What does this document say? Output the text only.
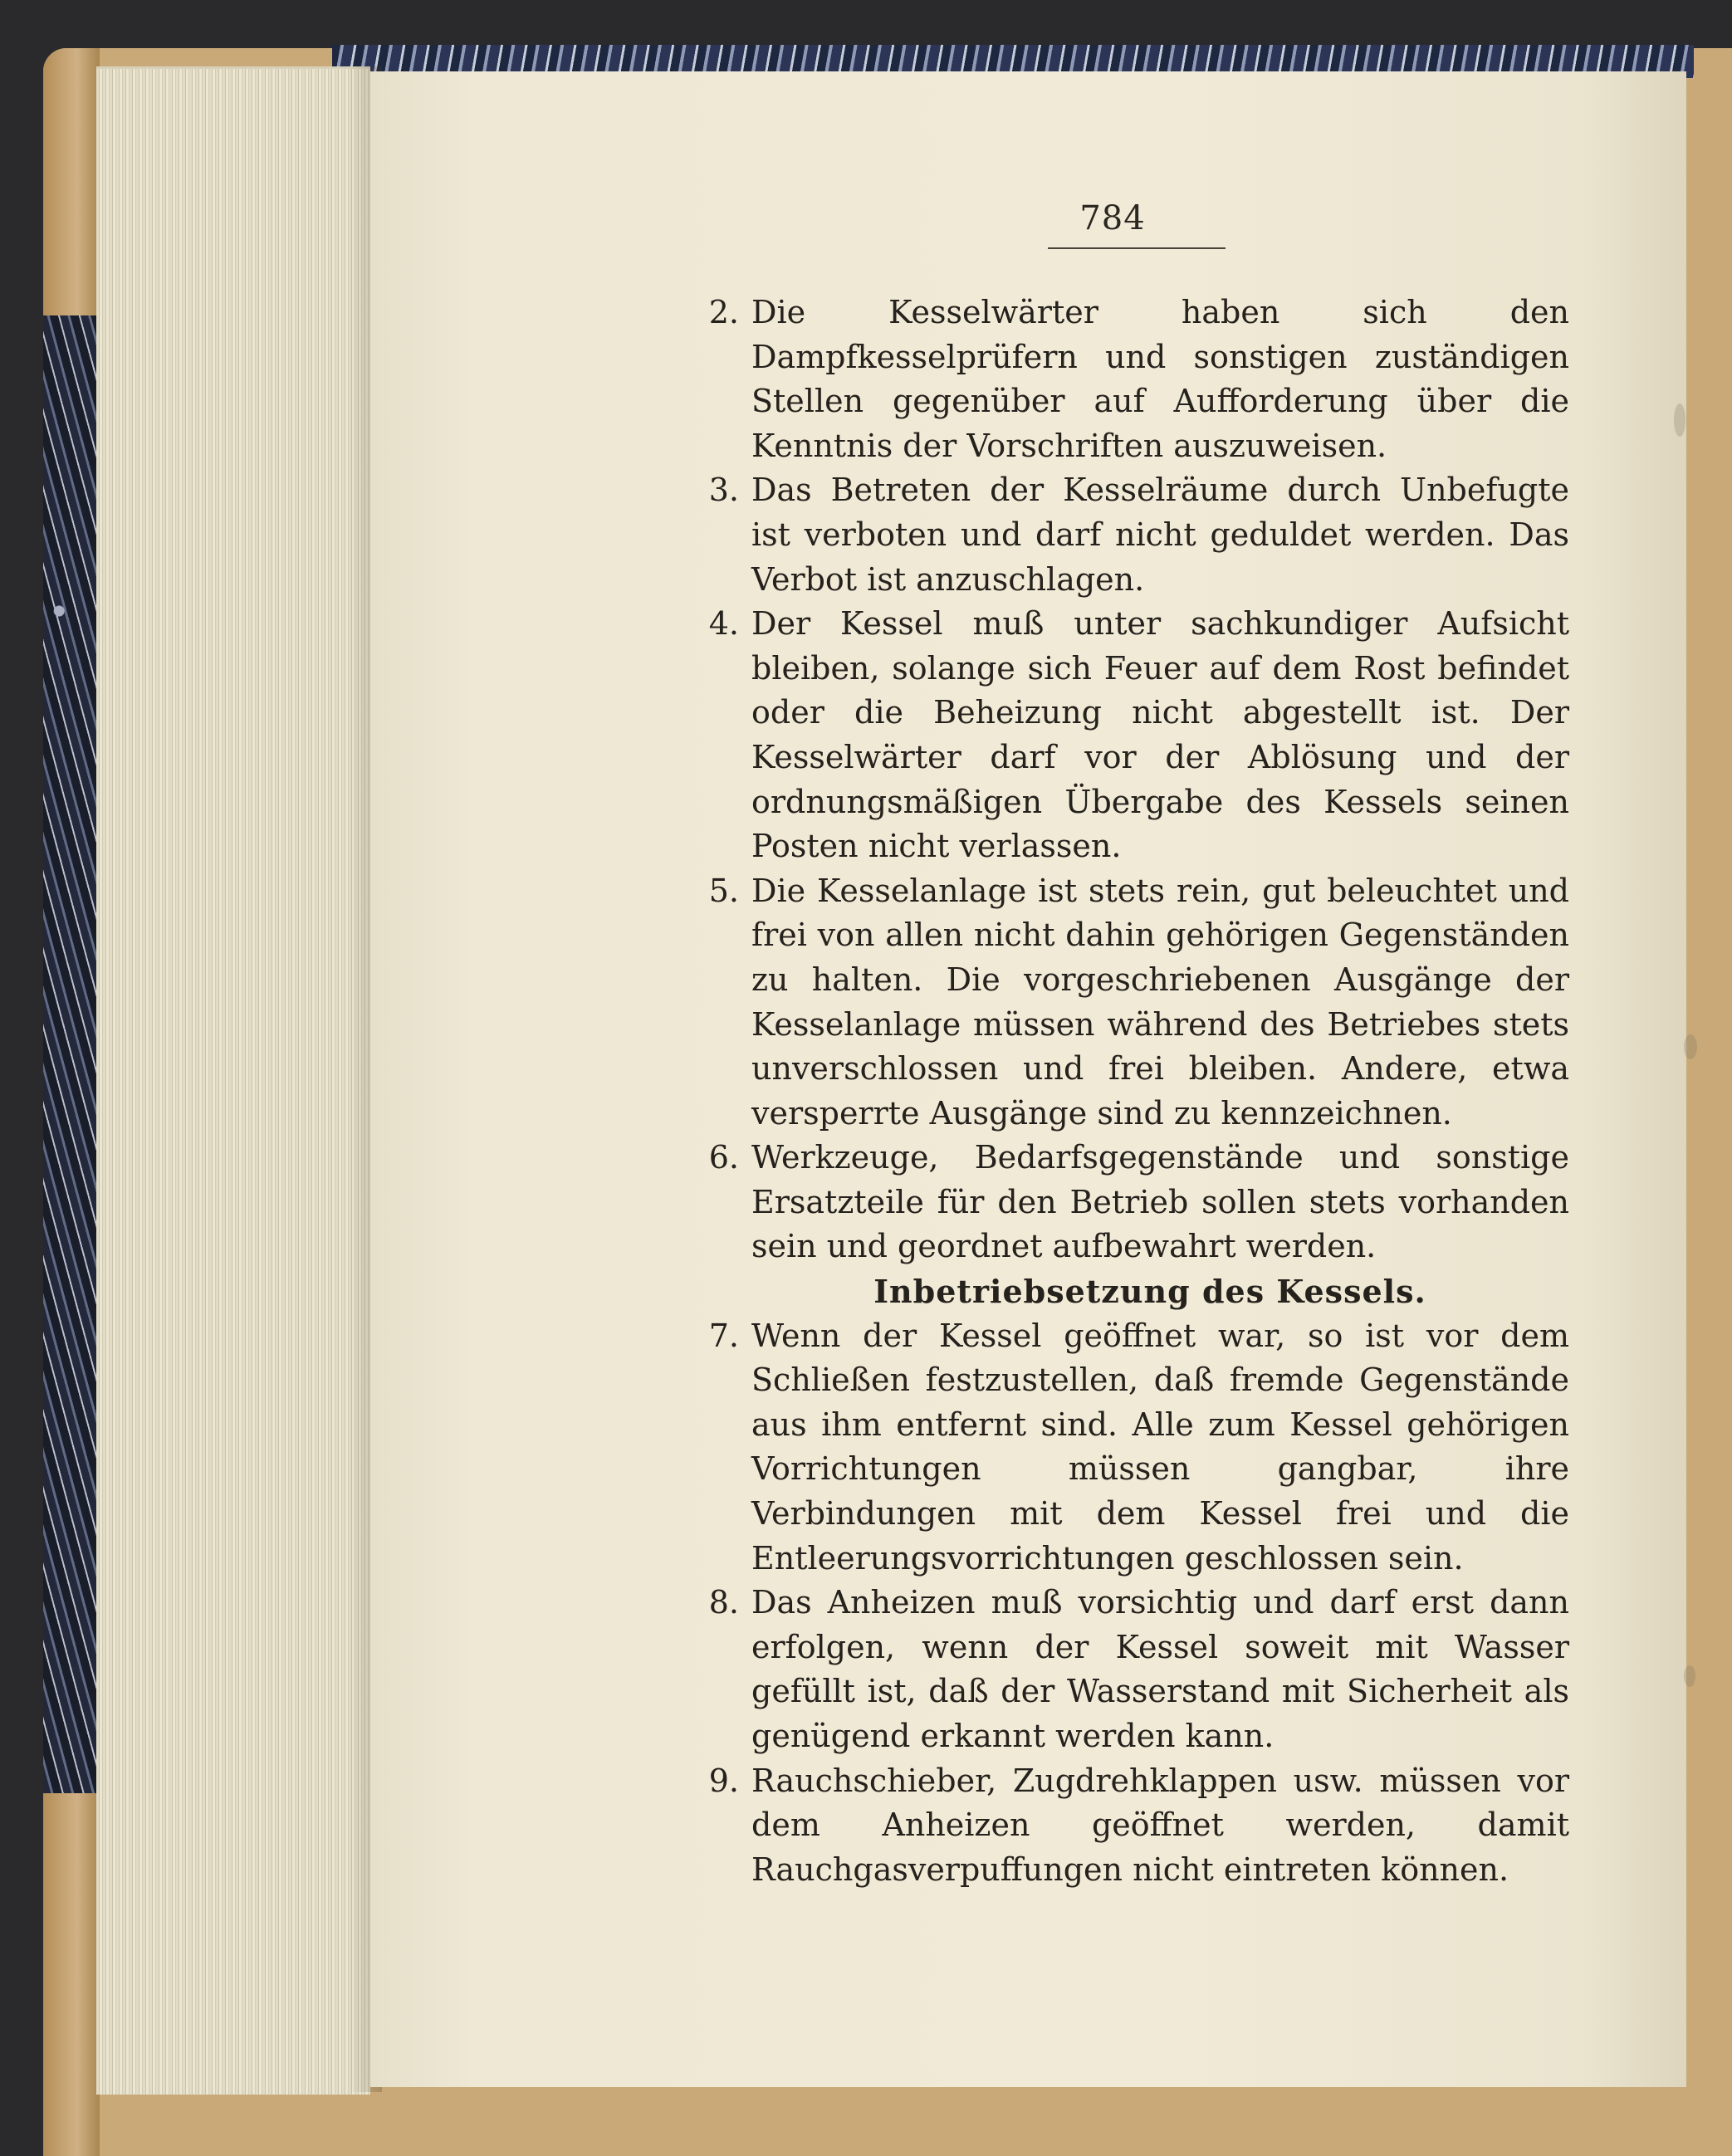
784
2. Die Kesselwärter haben sich den Dampfkesselprüfern und sonstigen zuständigen Stellen gegenüber auf Aufforderung über die Kenntnis der Vorschriften auszuweisen.

3. Das Betreten der Kesselräume durch Unbefugte ist verboten und darf nicht geduldet werden. Das Verbot ist anzuschlagen.

4. Der Kessel muß unter sachkundiger Aufsicht bleiben, solange sich Feuer auf dem Rost befindet oder die Beheizung nicht abgestellt ist. Der Kesselwärter darf vor der Ablösung und der ordnungsmäßigen Übergabe des Kessels seinen Posten nicht verlassen.

5. Die Kesselanlage ist stets rein, gut beleuchtet und frei von allen nicht dahin gehörigen Gegenständen zu halten. Die vorgeschriebenen Ausgänge der Kesselanlage müssen während des Betriebes stets unverschlossen und frei bleiben. Andere, etwa versperrte Ausgänge sind zu kennzeichnen.

6. Werkzeuge, Bedarfsgegenstände und sonstige Ersatzteile für den Betrieb sollen stets vorhanden sein und geordnet aufbewahrt werden.

Inbetriebsetzung des Kessels.

7. Wenn der Kessel geöffnet war, so ist vor dem Schließen festzustellen, daß fremde Gegenstände aus ihm entfernt sind. Alle zum Kessel gehörigen Vorrichtungen müssen gangbar, ihre Verbindungen mit dem Kessel frei und die Entleerungsvorrichtungen geschlossen sein.

8. Das Anheizen muß vorsichtig und darf erst dann erfolgen, wenn der Kessel soweit mit Wasser gefüllt ist, daß der Wasserstand mit Sicherheit als genügend erkannt werden kann.

9. Rauchschieber, Zugdrehklappen usw. müssen vor dem Anheizen geöffnet werden, damit Rauchgasverpuffungen nicht eintreten können.
